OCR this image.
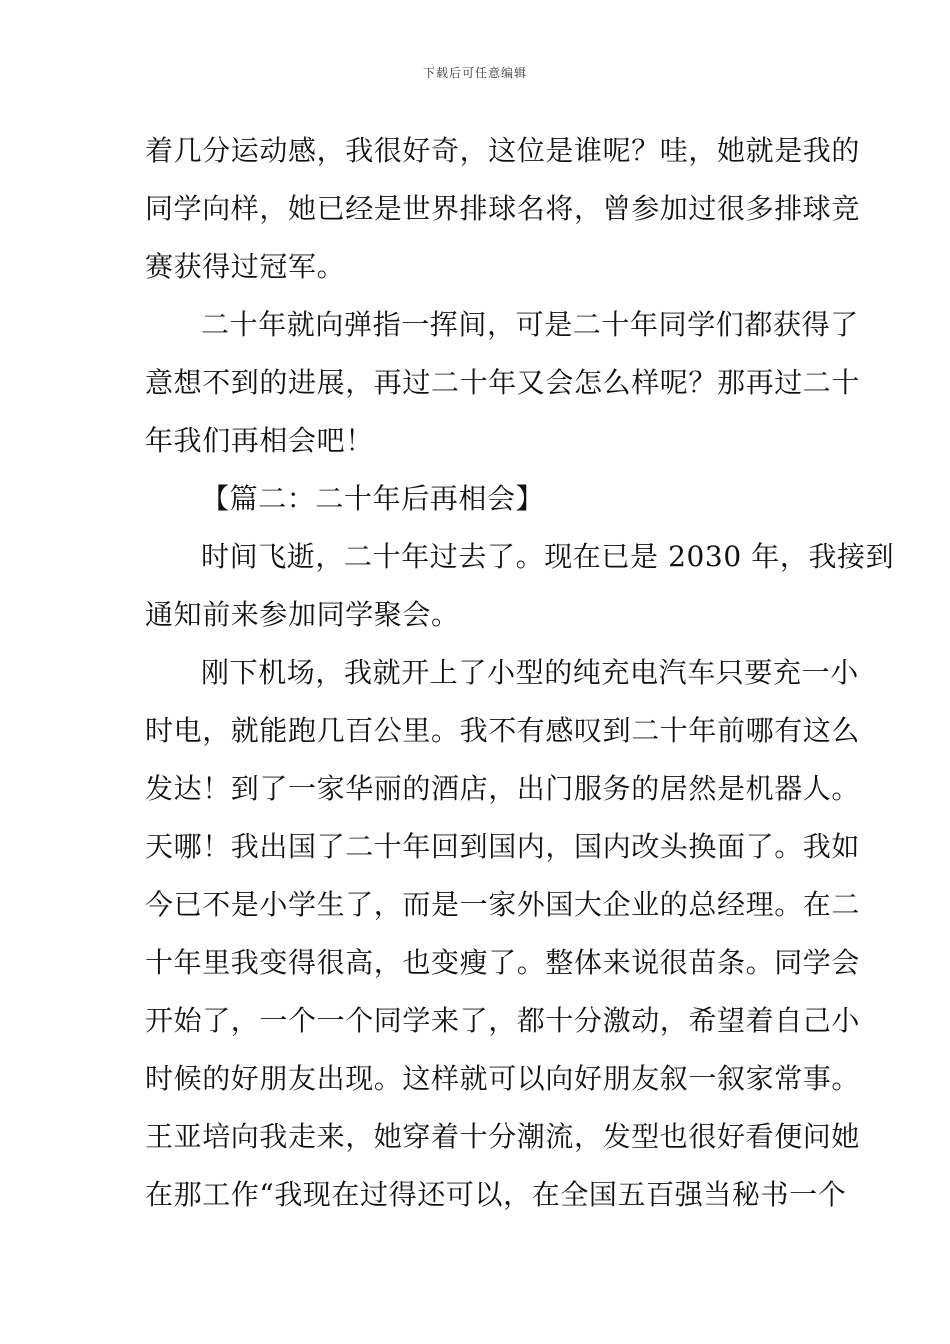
下载后可任意编辑
着几分运动感，我很好奇，这位是谁呢？哇，她就是我的
同学向样，她已经是世界排球名将，曾参加过很多排球竞
赛获得过冠军。
二十年就向弹指一挥间，可是二十年同学们都获得了
意想不到的进展，再过二十年又会怎么样呢？那再过二十
年我们再相会吧！
【篇二：二十年后再相会】
时间飞逝，二十年过去了。现在已是 2030 年，我接到
通知前来参加同学聚会。
刚下机场，我就开上了小型的纯充电汽车只要充一小
时电，就能跑几百公里。我不有感叹到二十年前哪有这么
发达！到了一家华丽的酒店，出门服务的居然是机器人。
天哪！我出国了二十年回到国内，国内改头换面了。我如
今已不是小学生了，而是一家外国大企业的总经理。在二
十年里我变得很高，也变瘦了。整体来说很苗条。同学会
开始了，一个一个同学来了，都十分激动，希望着自己小
时候的好朋友出现。这样就可以向好朋友叙一叙家常事。
王亚培向我走来，她穿着十分潮流，发型也很好看便问她
在那工作“我现在过得还可以，在全国五百强当秘书一个
